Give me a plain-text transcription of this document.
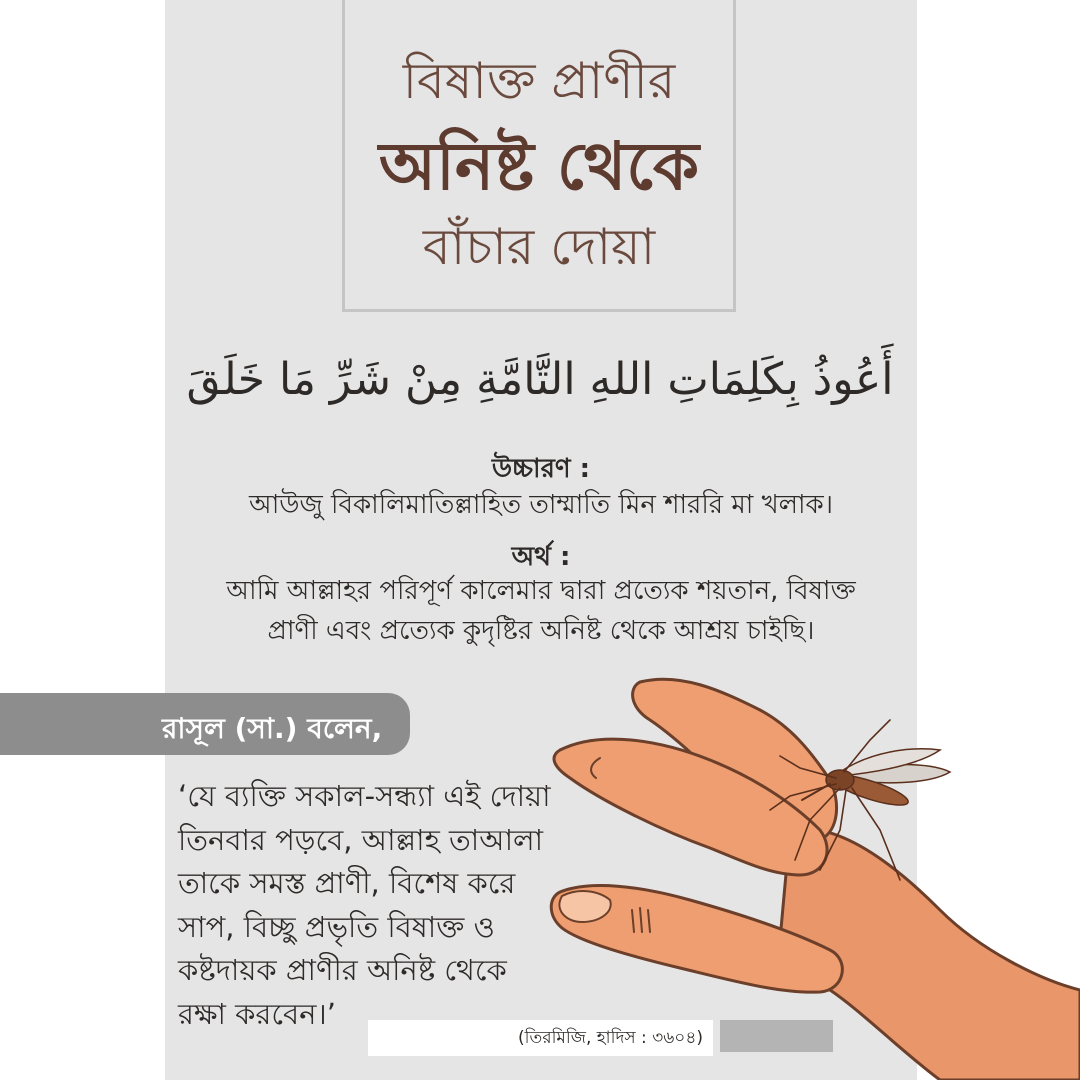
বিষাক্ত প্রাণীর
অনিষ্ট থেকে
বাঁচার দোয়া
أَعُوذُ بِكَلِمَاتِ اللهِ التَّامَّةِ مِنْ شَرِّ مَا خَلَقَ
উচ্চারণ :
আউজু বিকালিমাতিল্লাহিত তাম্মাতি মিন শাররি মা খলাক।
অর্থ :
আমি আল্লাহর পরিপূর্ণ কালেমার দ্বারা প্রত্যেক শয়তান, বিষাক্ত
প্রাণী এবং প্রত্যেক কুদৃষ্টির অনিষ্ট থেকে আশ্রয় চাইছি।
রাসূল (সা.) বলেন,
‘যে ব্যক্তি সকাল-সন্ধ্যা এই দোয়া
তিনবার পড়বে, আল্লাহ তাআলা
তাকে সমস্ত প্রাণী, বিশেষ করে
সাপ, বিচ্ছু প্রভৃতি বিষাক্ত ও
কষ্টদায়ক প্রাণীর অনিষ্ট থেকে
রক্ষা করবেন।’
(তিরমিজি, হাদিস : ৩৬০৪)
